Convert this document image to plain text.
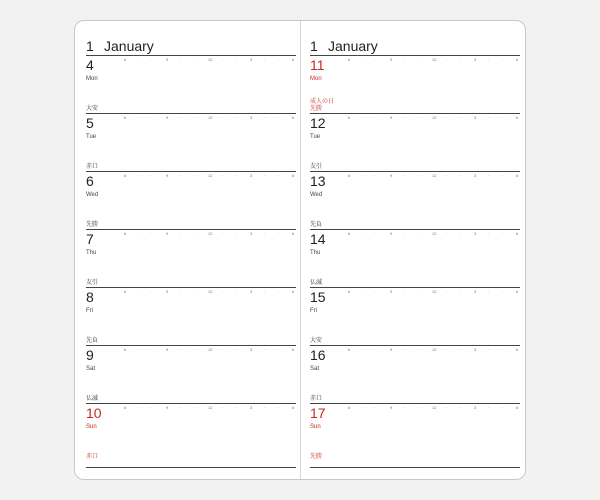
1 January
4
Mon
6	·	·	9	·	·	12 ·	·	3	·	·	6
大安
5
Tue
6	·	·	9	·	·	12 ·	·	3	·	·	6
赤口
6
Wed
6	·	·	9	·	·	12 ·	·	3	·	·	6
先勝
7
Thu
6	·	·	9	·	·	12 ·	·	3	·	·	6
友引
8
Fri
6	·	·	9	·	·	12 ·	·	3	·	·	6
先負
9
Sat
6	·	·	9	·	·	12 ·	·	3	·	·	6
仏滅
10
Sun
6	·	·	9	·	·	12 ·	·	3	·	·	6
赤口
1 January
11
Mon
6	·	·	9	·	·	12 ·	·	3	·	·	6
成人の日
先勝
12
Tue
6	·	·	9	·	·	12 ·	·	3	·	·	6
友引
13
Wed
6	·	·	9	·	·	12 ·	·	3	·	·	6
先負
14
Thu
6	·	·	9	·	·	12 ·	·	3	·	·	6
仏滅
15
Fri
6	·	·	9	·	·	12 ·	·	3	·	·	6
大安
16
Sat
6	·	·	9	·	·	12 ·	·	3	·	·	6
赤口
17
Sun
6	·	·	9	·	·	12 ·	·	3	·	·	6
先勝
